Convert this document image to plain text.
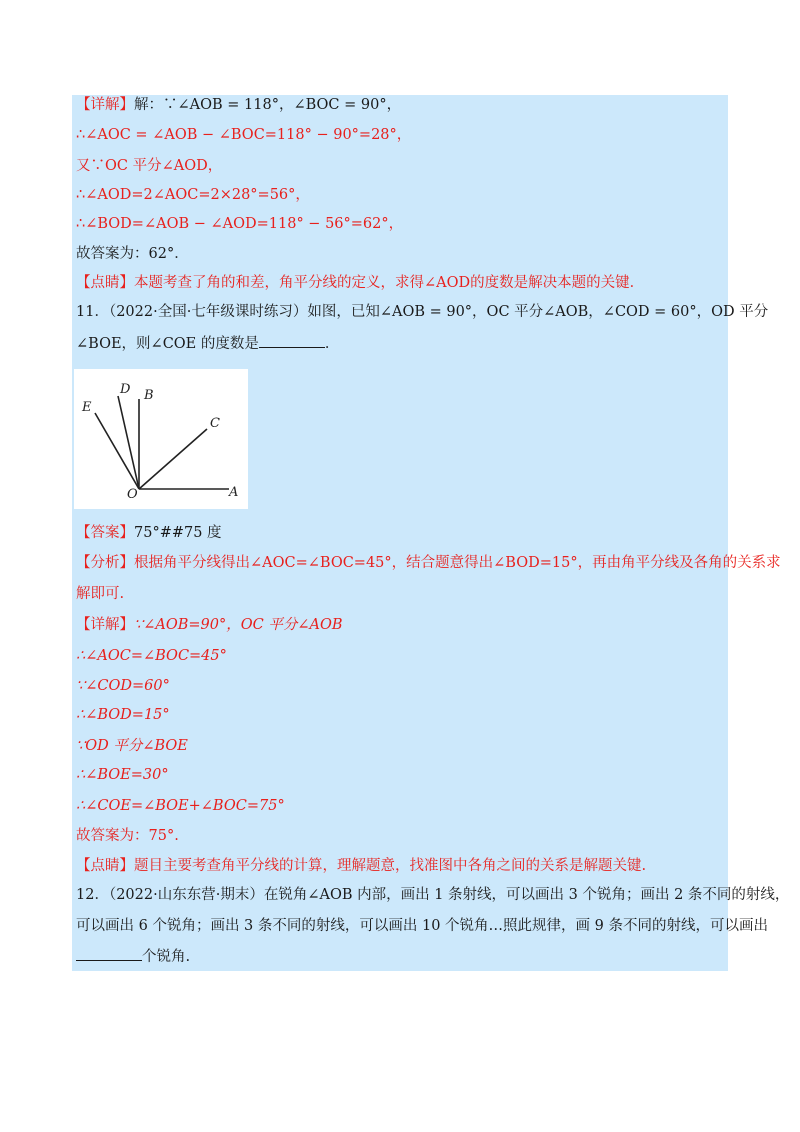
【详解】解：∵∠AOB = 118°，∠BOC = 90°，
∴∠AOC = ∠AOB − ∠BOC=118° − 90°=28°，
又∵OC 平分∠AOD，
∴∠AOD=2∠AOC=2×28°=56°，
∴∠BOD=∠AOB − ∠AOD=118° − 56°=62°，
故答案为：62°．
【点睛】本题考查了角的和差，角平分线的定义，求得∠AOD的度数是解决本题的关键．
11．（2022·全国·七年级课时练习）如图，已知∠AOB = 90°，OC 平分∠AOB，∠COD = 60°，OD 平分
∠BOE，则∠COE 的度数是	．
E
D B
C
O	A
【答案】75°##75 度
【分析】根据角平分线得出∠AOC=∠BOC=45°，结合题意得出∠BOD=15°，再由角平分线及各角的关系求
解即可.
【详解】∵∠AOB=90°，OC 平分∠AOB
∴∠AOC=∠BOC=45°
∵∠COD=60°
∴∠BOD=15°
∵OD 平分∠BOE
∴∠BOE=30°
∴∠COE=∠BOE+∠BOC=75°
故答案为：75°.
【点睛】题目主要考查角平分线的计算，理解题意，找准图中各角之间的关系是解题关键.
12．（2022·山东东营·期末）在锐角∠AOB 内部，画出 1 条射线，可以画出 3 个锐角；画出 2 条不同的射线，
可以画出 6 个锐角；画出 3 条不同的射线，可以画出 10 个锐角…照此规律，画 9 条不同的射线，可以画出
个锐角.
